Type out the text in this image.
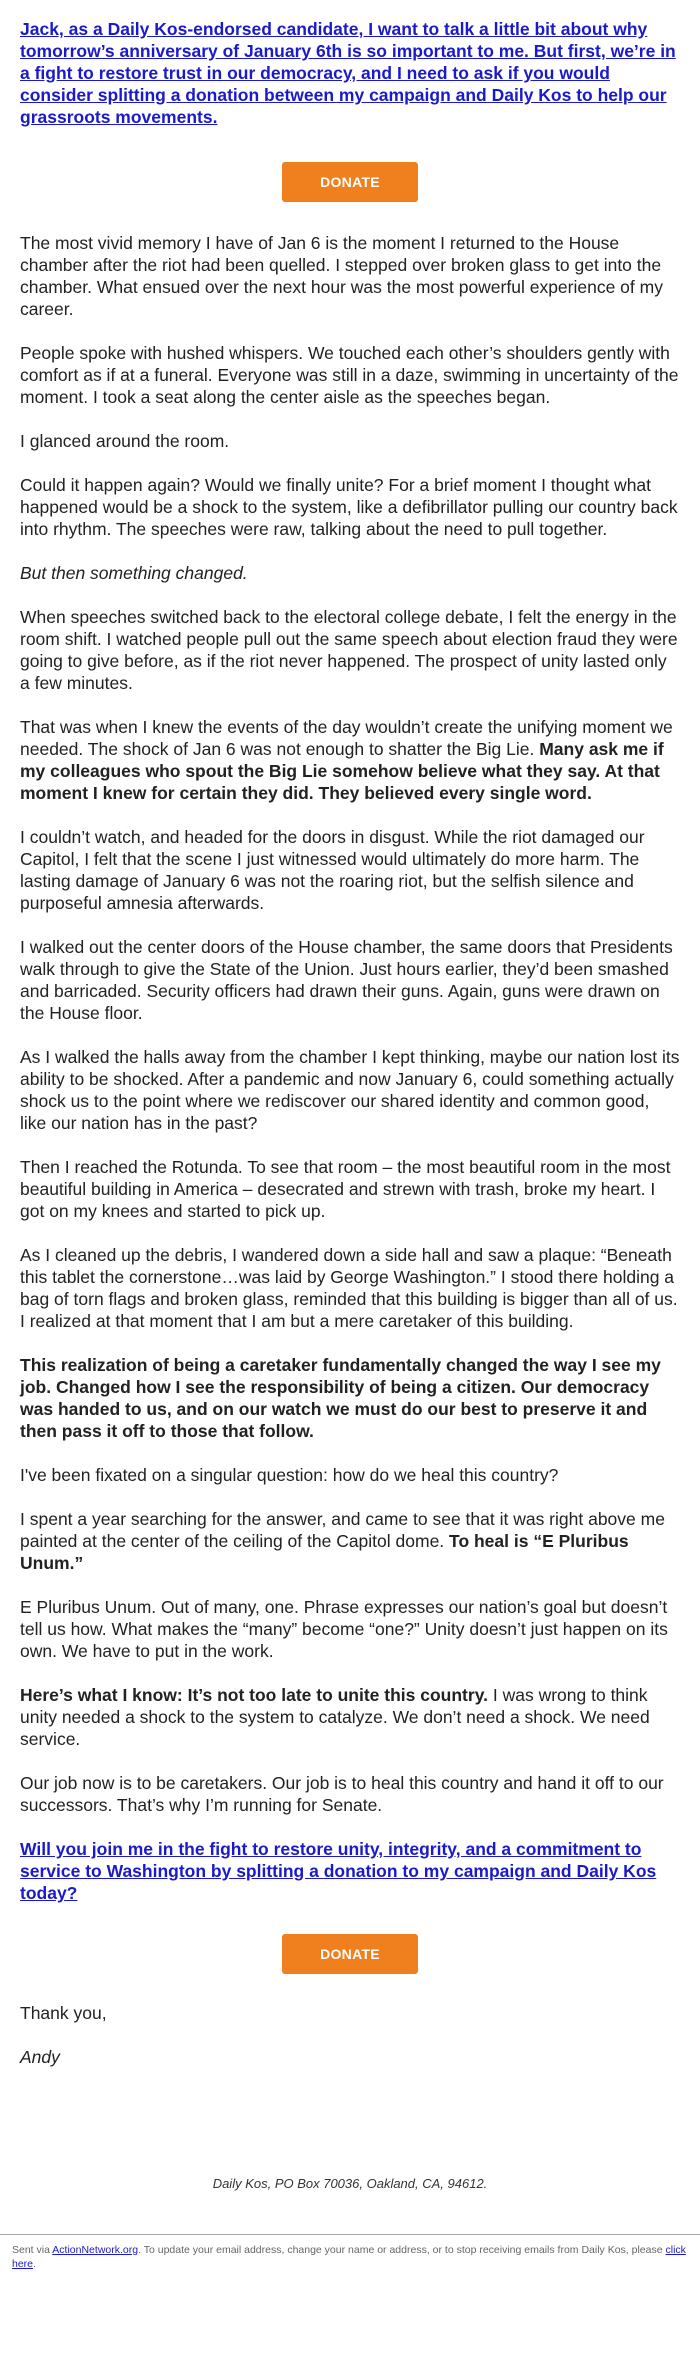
Jack, as a Daily Kos-endorsed candidate, I want to talk a little bit about why tomorrow’s anniversary of January 6th is so important to me. But first, we’re in a fight to restore trust in our democracy, and I need to ask if you would consider splitting a donation between my campaign and Daily Kos to help our grassroots movements.
DONATE

The most vivid memory I have of Jan 6 is the moment I returned to the House chamber after the riot had been quelled. I stepped over broken glass to get into the chamber. What ensued over the next hour was the most powerful experience of my career.

People spoke with hushed whispers. We touched each other’s shoulders gently with comfort as if at a funeral. Everyone was still in a daze, swimming in uncertainty of the moment. I took a seat along the center aisle as the speeches began.

I glanced around the room.

Could it happen again? Would we finally unite? For a brief moment I thought what happened would be a shock to the system, like a defibrillator pulling our country back into rhythm. The speeches were raw, talking about the need to pull together.

But then something changed.

When speeches switched back to the electoral college debate, I felt the energy in the room shift. I watched people pull out the same speech about election fraud they were going to give before, as if the riot never happened. The prospect of unity lasted only a few minutes.

That was when I knew the events of the day wouldn’t create the unifying moment we needed. The shock of Jan 6 was not enough to shatter the Big Lie. Many ask me if my colleagues who spout the Big Lie somehow believe what they say. At that moment I knew for certain they did. They believed every single word.

I couldn’t watch, and headed for the doors in disgust. While the riot damaged our Capitol, I felt that the scene I just witnessed would ultimately do more harm. The lasting damage of January 6 was not the roaring riot, but the selfish silence and purposeful amnesia afterwards.

I walked out the center doors of the House chamber, the same doors that Presidents walk through to give the State of the Union. Just hours earlier, they’d been smashed and barricaded. Security officers had drawn their guns. Again, guns were drawn on the House floor.

As I walked the halls away from the chamber I kept thinking, maybe our nation lost its ability to be shocked. After a pandemic and now January 6, could something actually shock us to the point where we rediscover our shared identity and common good, like our nation has in the past?

Then I reached the Rotunda. To see that room – the most beautiful room in the most beautiful building in America – desecrated and strewn with trash, broke my heart. I got on my knees and started to pick up.

As I cleaned up the debris, I wandered down a side hall and saw a plaque: “Beneath this tablet the cornerstone…was laid by George Washington.” I stood there holding a bag of torn flags and broken glass, reminded that this building is bigger than all of us. I realized at that moment that I am but a mere caretaker of this building.

This realization of being a caretaker fundamentally changed the way I see my job. Changed how I see the responsibility of being a citizen. Our democracy was handed to us, and on our watch we must do our best to preserve it and then pass it off to those that follow.

I've been fixated on a singular question: how do we heal this country?

I spent a year searching for the answer, and came to see that it was right above me painted at the center of the ceiling of the Capitol dome. To heal is “E Pluribus Unum.”

E Pluribus Unum. Out of many, one. Phrase expresses our nation’s goal but doesn’t tell us how. What makes the “many” become “one?” Unity doesn’t just happen on its own. We have to put in the work.

Here’s what I know: It’s not too late to unite this country. I was wrong to think unity needed a shock to the system to catalyze. We don’t need a shock. We need service.

Our job now is to be caretakers. Our job is to heal this country and hand it off to our successors. That’s why I’m running for Senate.

Will you join me in the fight to restore unity, integrity, and a commitment to service to Washington by splitting a donation to my campaign and Daily Kos today?

DONATE

Thank you,

Andy

Daily Kos, PO Box 70036, Oakland, CA, 94612.
Sent via ActionNetwork.org. To update your email address, change your name or address, or to stop receiving emails from Daily Kos, please click here.
